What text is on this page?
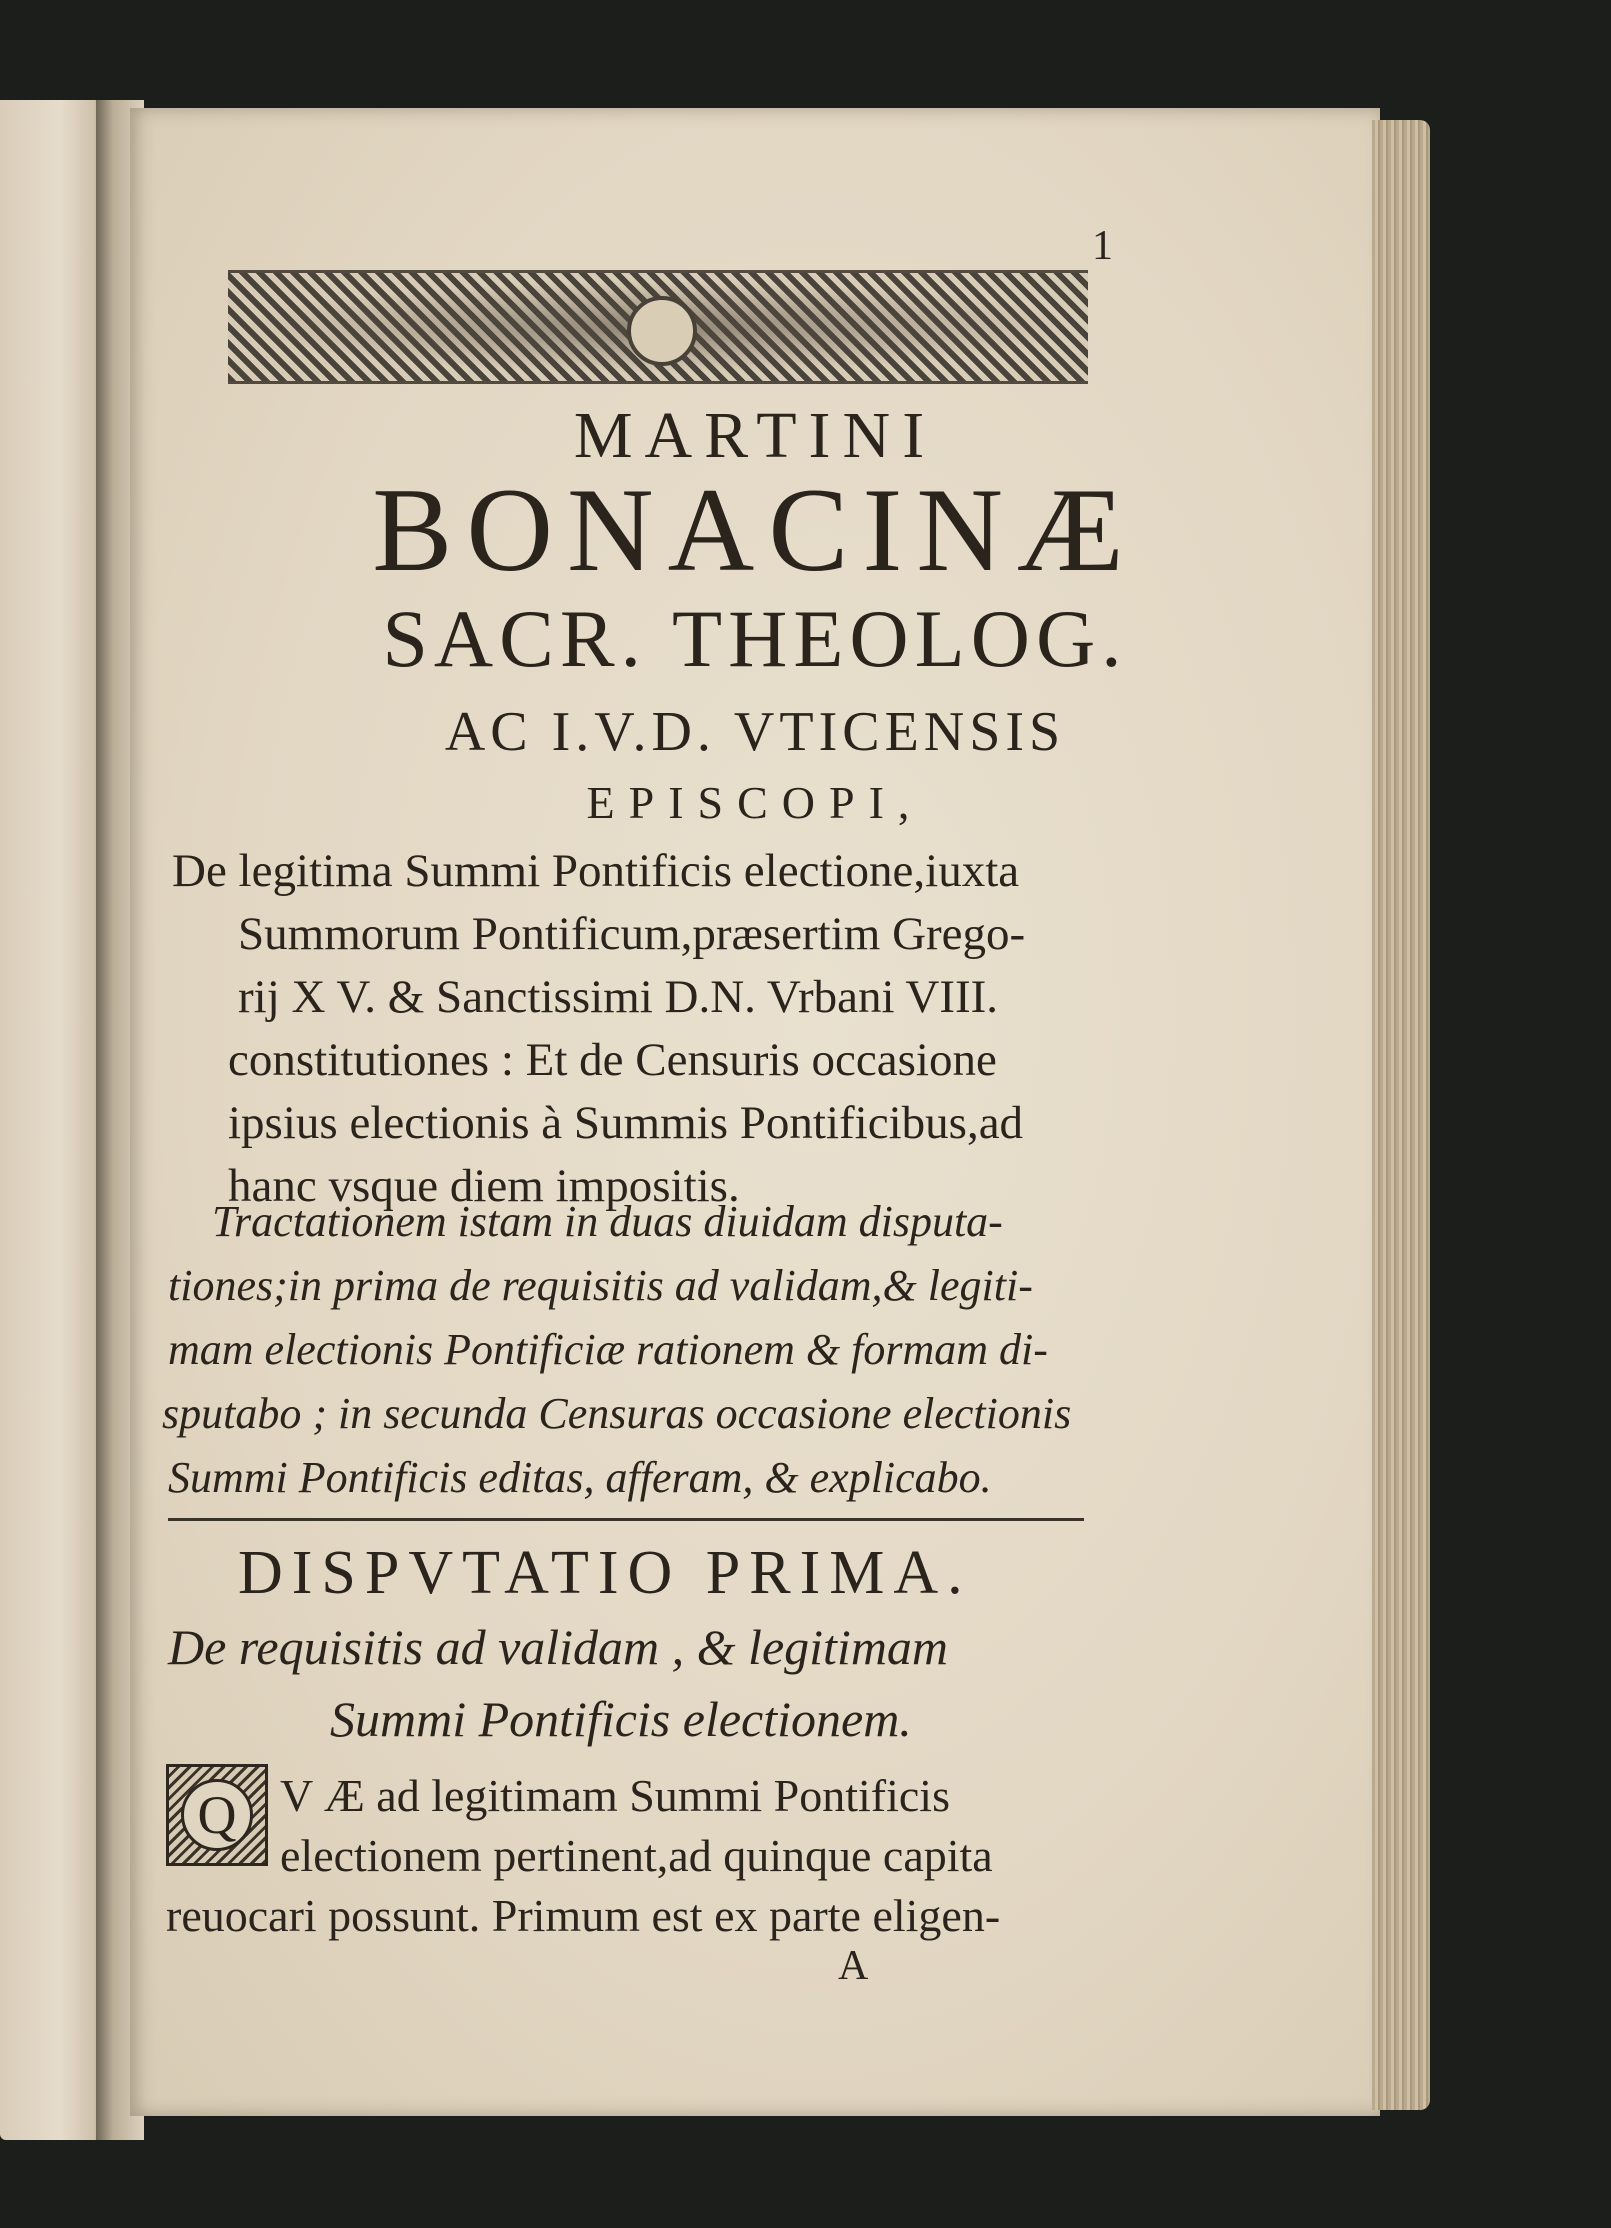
1
MARTINI
BONACINÆ
SACR. THEOLOG.
AC I.V.D. VTICENSIS
EPISCOPI,
De legitima Summi Pontificis electione,iuxta
Summorum Pontificum,præsertim Grego-
rij X V. & Sanctissimi D.N. Vrbani VIII.
constitutiones : Et de Censuris occasione
ipsius electionis à Summis Pontificibus,ad
hanc vsque diem impositis.
Tractationem istam in duas diuidam disputa-
tiones;in prima de requisitis ad validam,& legiti-
mam electionis Pontificiæ rationem & formam di-
sputabo ; in secunda Censuras occasione electionis
Summi Pontificis editas, afferam, & explicabo.
DISPVTATIO PRIMA.
De requisitis ad validam , & legitimam
Summi Pontificis electionem.
Q V Æ ad legitimam Summi Pontificis
electionem pertinent,ad quinque capita
reuocari possunt. Primum est ex parte eligen-
A
